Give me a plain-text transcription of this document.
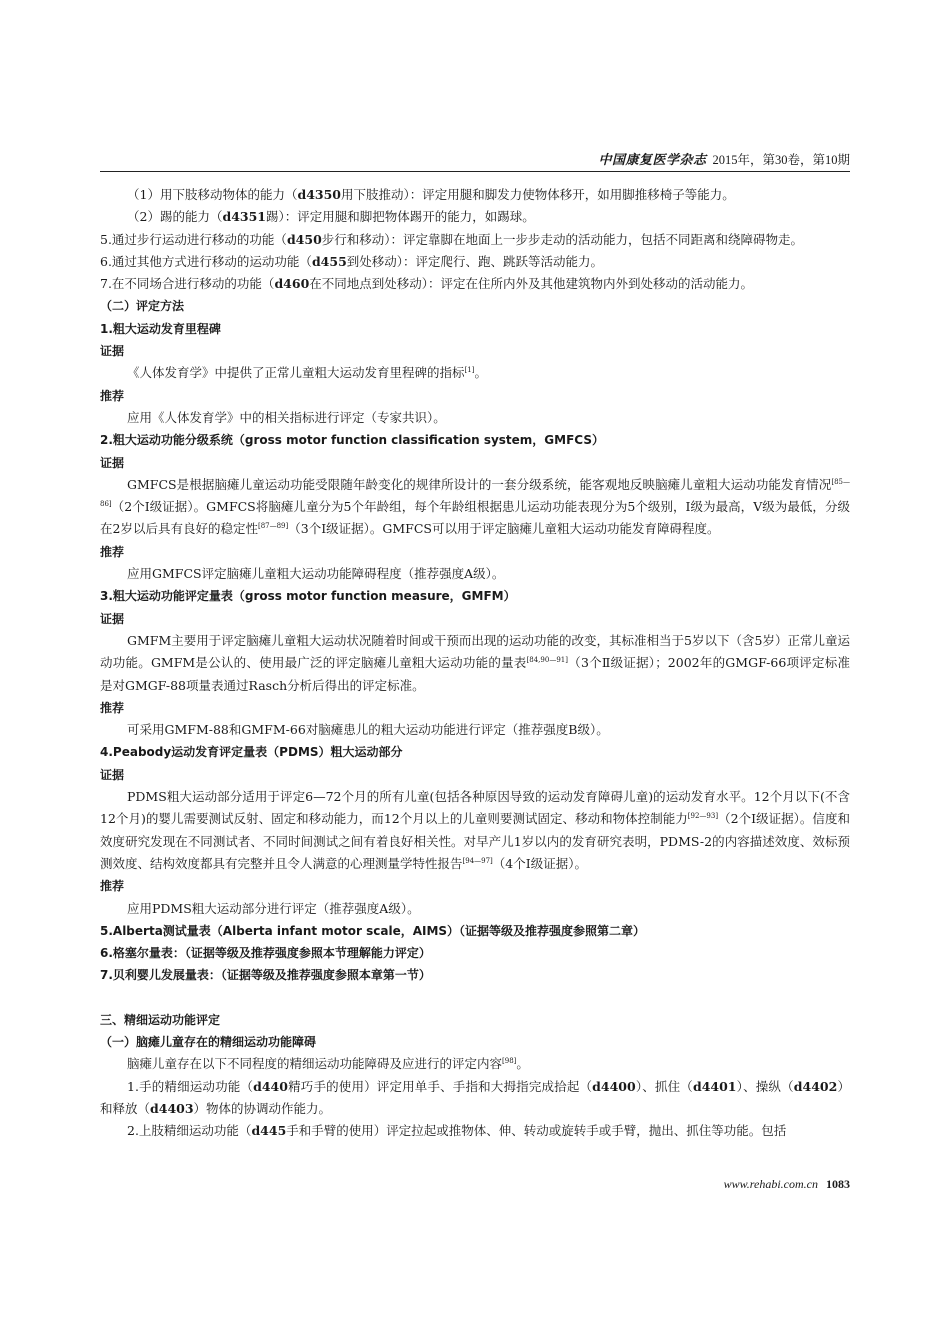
中国康复医学杂志 2015年，第30卷，第10期
（1）用下肢移动物体的能力（d4350用下肢推动）：评定用腿和脚发力使物体移开，如用脚推移椅子等能力。
（2）踢的能力（d4351踢）：评定用腿和脚把物体踢开的能力，如踢球。
5.通过步行运动进行移动的功能（d450步行和移动）：评定靠脚在地面上一步步走动的活动能力，包括不同距离和绕障碍物走。
6.通过其他方式进行移动的运动功能（d455到处移动）：评定爬行、跑、跳跃等活动能力。
7.在不同场合进行移动的功能（d460在不同地点到处移动）：评定在住所内外及其他建筑物内外到处移动的活动能力。
（二）评定方法
1.粗大运动发育里程碑
证据
《人体发育学》中提供了正常儿童粗大运动发育里程碑的指标[1]。
推荐
应用《人体发育学》中的相关指标进行评定（专家共识）。
2.粗大运动功能分级系统（gross motor function classification system，GMFCS）
证据
GMFCS是根据脑瘫儿童运动功能受限随年龄变化的规律所设计的一套分级系统，能客观地反映脑瘫儿童粗大运动功能发育情况[85—86]（2个Ⅰ级证据）。GMFCS将脑瘫儿童分为5个年龄组，每个年龄组根据患儿运动功能表现分为5个级别，Ⅰ级为最高，Ⅴ级为最低，分级在2岁以后具有良好的稳定性[87—89]（3个Ⅰ级证据）。GMFCS可以用于评定脑瘫儿童粗大运动功能发育障碍程度。
推荐
应用GMFCS评定脑瘫儿童粗大运动功能障碍程度（推荐强度A级）。
3.粗大运动功能评定量表（gross motor function measure，GMFM）
证据
GMFM主要用于评定脑瘫儿童粗大运动状况随着时间或干预而出现的运动功能的改变，其标准相当于5岁以下（含5岁）正常儿童运动功能。GMFM是公认的、使用最广泛的评定脑瘫儿童粗大运动功能的量表[84,90—91]（3个Ⅱ级证据）；2002年的GMGF-66项评定标准是对GMGF-88项量表通过Rasch分析后得出的评定标准。
推荐
可采用GMFM-88和GMFM-66对脑瘫患儿的粗大运动功能进行评定（推荐强度B级）。
4.Peabody运动发育评定量表（PDMS）粗大运动部分
证据
PDMS粗大运动部分适用于评定6—72个月的所有儿童(包括各种原因导致的运动发育障碍儿童)的运动发育水平。12个月以下(不含12个月)的婴儿需要测试反射、固定和移动能力，而12个月以上的儿童则要测试固定、移动和物体控制能力[92—93]（2个Ⅰ级证据）。信度和效度研究发现在不同测试者、不同时间测试之间有着良好相关性。对早产儿1岁以内的发育研究表明，PDMS-2的内容描述效度、效标预测效度、结构效度都具有完整并且令人满意的心理测量学特性报告[94—97]（4个Ⅰ级证据）。
推荐
应用PDMS粗大运动部分进行评定（推荐强度A级）。
5.Alberta测试量表（Alberta infant motor scale，AIMS）（证据等级及推荐强度参照第二章）
6.格塞尔量表：（证据等级及推荐强度参照本节理解能力评定）
7.贝利婴儿发展量表：（证据等级及推荐强度参照本章第一节）
三、精细运动功能评定
（一）脑瘫儿童存在的精细运动功能障碍
脑瘫儿童存在以下不同程度的精细运动功能障碍及应进行的评定内容[98]。
1.手的精细运动功能（d440精巧手的使用）评定用单手、手指和大拇指完成拾起（d4400）、抓住（d4401）、操纵（d4402）和释放（d4403）物体的协调动作能力。
2.上肢精细运动功能（d445手和手臂的使用）评定拉起或推物体、伸、转动或旋转手或手臂，抛出、抓住等功能。包括
www.rehabi.com.cn 1083
